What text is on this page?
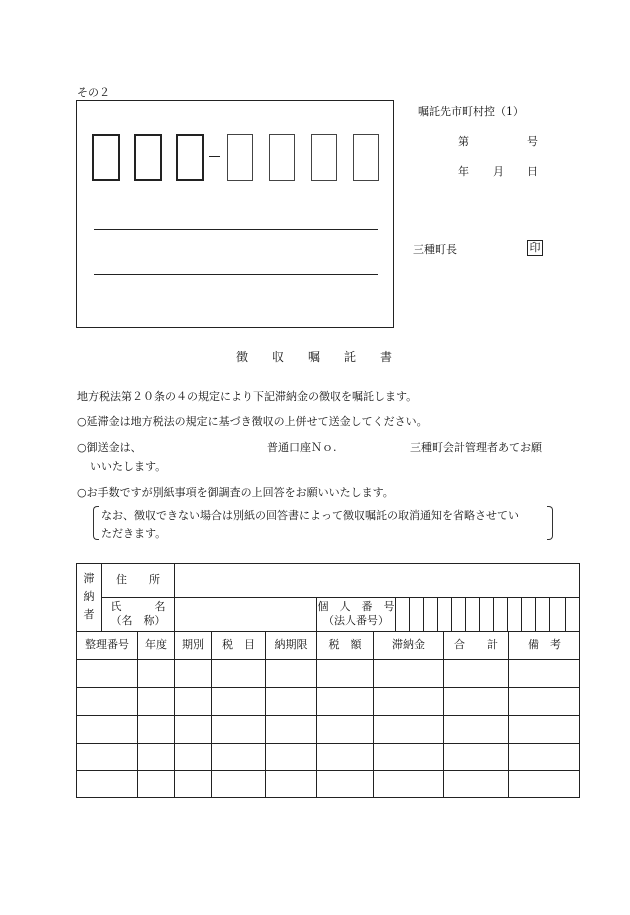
その２
嘱託先市町村控（1）
第	号
年 月 日
三種町長	印
徴　　収　　嘱　　託　　書
地方税法第２０条の４の規定により下記滞納金の徴収を嘱託します。
○延滞金は地方税法の規定に基づき徴収の上併せて送金してください。
○御送金は、	普通口座Ｎｏ.	三種町会計管理者あてお願
いいたします。
○お手数ですが別紙事項を御調査の上回答をお願いいたします。
なお、徴収できない場合は別紙の回答書によって徴収嘱託の取消通知を省略させてい
ただきます。
滞
納
者
住　　所
氏　　　名
（名　称）
個　人　番　号
（法人番号）
整理番号	年度	期別	税　目	納期限	税　額	滞納金	合　　計	備　考
